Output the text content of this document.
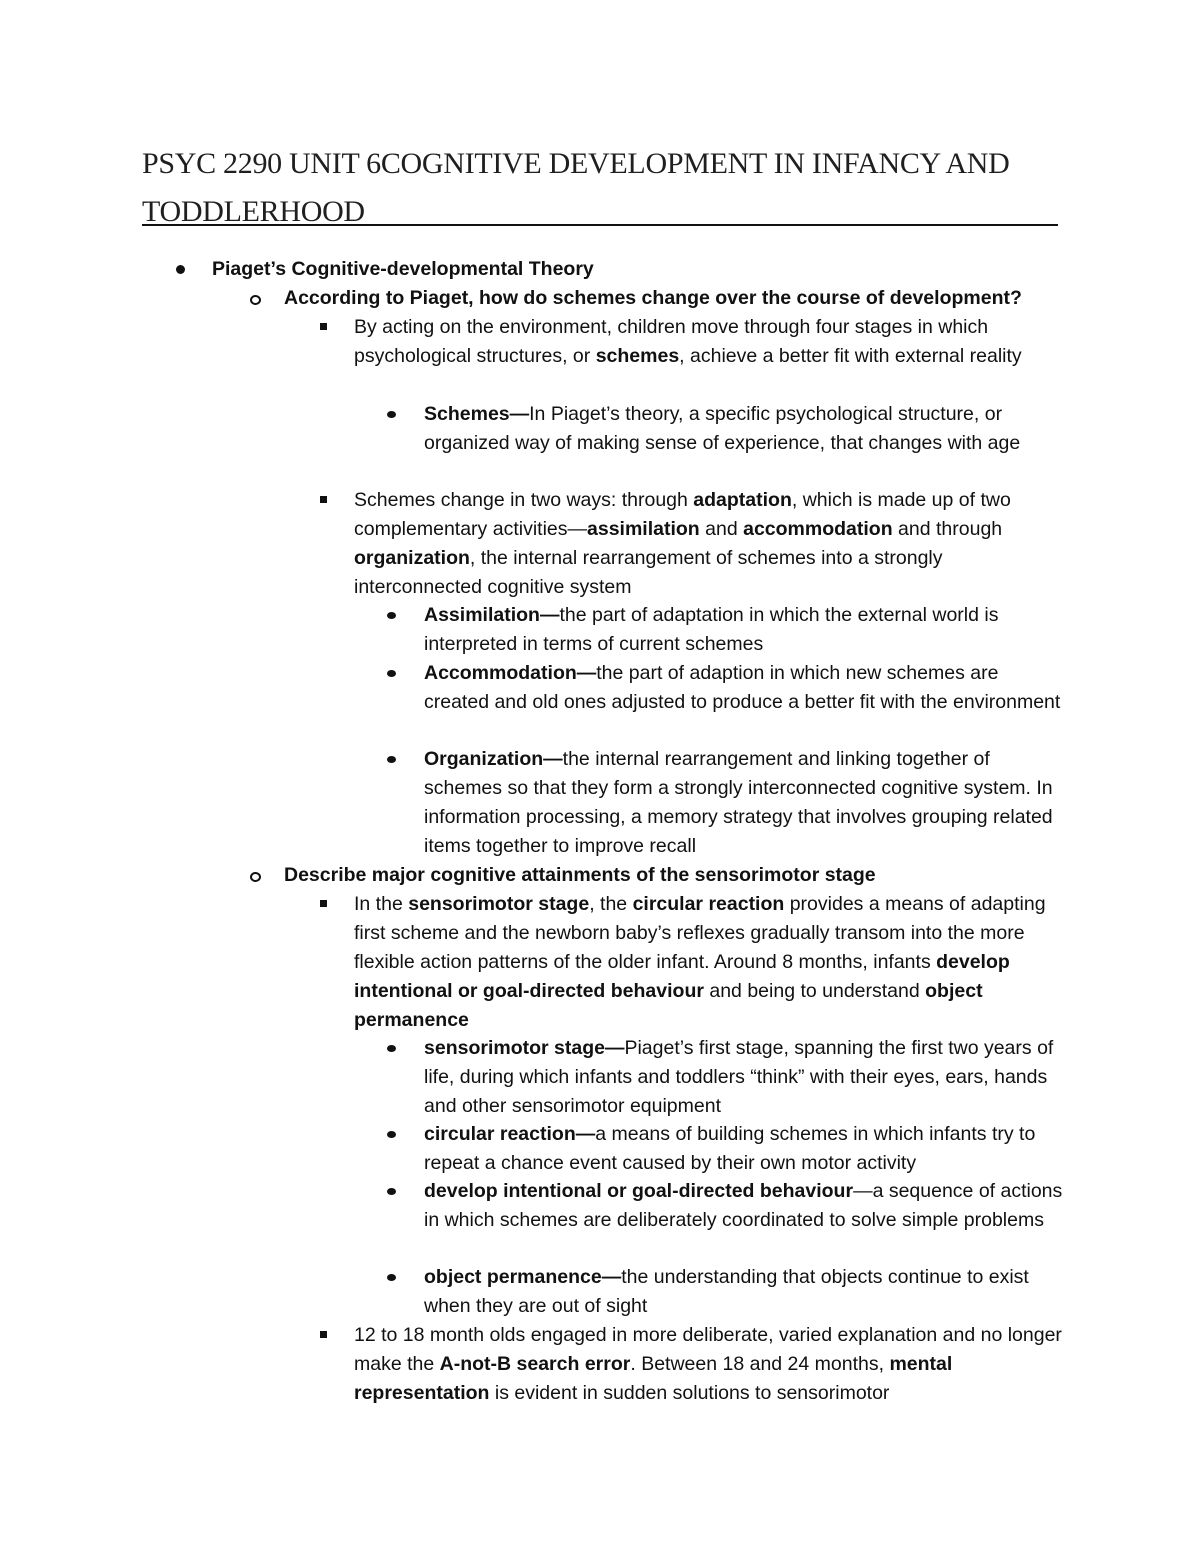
PSYC 2290 UNIT 6COGNITIVE DEVELOPMENT IN INFANCY AND TODDLERHOOD
Piaget’s Cognitive-developmental Theory
According to Piaget, how do schemes change over the course of development?
By acting on the environment, children move through four stages in which psychological structures, or schemes, achieve a better fit with external reality
Schemes—In Piaget’s theory, a specific psychological structure, or organized way of making sense of experience, that changes with age
Schemes change in two ways: through adaptation, which is made up of two complementary activities—assimilation and accommodation and through organization, the internal rearrangement of schemes into a strongly interconnected cognitive system
Assimilation—the part of adaptation in which the external world is interpreted in terms of current schemes
Accommodation—the part of adaption in which new schemes are created and old ones adjusted to produce a better fit with the environment
Organization—the internal rearrangement and linking together of schemes so that they form a strongly interconnected cognitive system. In information processing, a memory strategy that involves grouping related items together to improve recall
Describe major cognitive attainments of the sensorimotor stage
In the sensorimotor stage, the circular reaction provides a means of adapting first scheme and the newborn baby’s reflexes gradually transom into the more flexible action patterns of the older infant. Around 8 months, infants develop intentional or goal-directed behaviour and being to understand object permanence
sensorimotor stage—Piaget’s first stage, spanning the first two years of life, during which infants and toddlers “think” with their eyes, ears, hands and other sensorimotor equipment
circular reaction—a means of building schemes in which infants try to repeat a chance event caused by their own motor activity
develop intentional or goal-directed behaviour—a sequence of actions in which schemes are deliberately coordinated to solve simple problems
object permanence—the understanding that objects continue to exist when they are out of sight
12 to 18 month olds engaged in more deliberate, varied explanation and no longer make the A-not-B search error. Between 18 and 24 months, mental representation is evident in sudden solutions to sensorimotor
